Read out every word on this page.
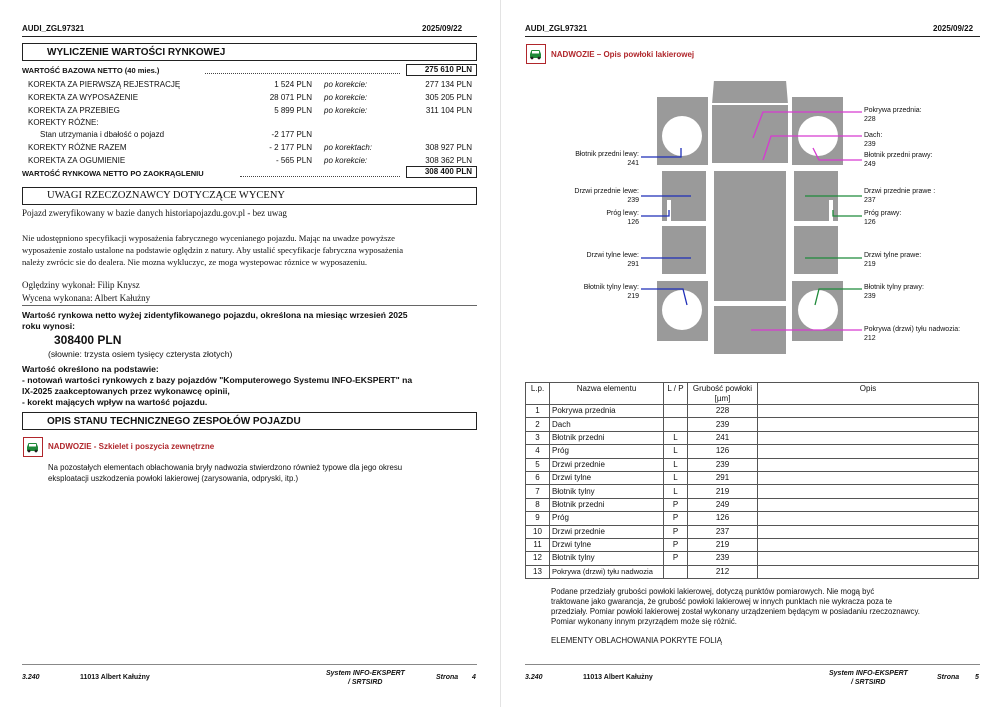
AUDI_ZGL97321	2025/09/22
WYLICZENIE WARTOŚCI RYNKOWEJ
WARTOŚĆ BAZOWA NETTO (40 mies.)	275 610 PLN
KOREKTA ZA PIERWSZĄ REJESTRACJĘ	1 524 PLN po korekcie:	277 134 PLN
KOREKTA ZA WYPOSAŻENIE	28 071 PLN po korekcie:	305 205 PLN
KOREKTA ZA PRZEBIEG	5 899 PLN po korekcie:	311 104 PLN
KOREKTY RÓŻNE:
Stan utrzymania i dbałość o pojazd	-2 177 PLN
KOREKTY RÓŻNE RAZEM	- 2 177 PLN po korektach:	308 927 PLN
KOREKTA ZA OGUMIENIE	- 565 PLN po korekcie:	308 362 PLN
WARTOŚĆ RYNKOWA NETTO PO ZAOKRĄGLENIU	308 400 PLN
UWAGI RZECZOZNAWCY DOTYCZĄCE WYCENY
Pojazd zweryfikowany w bazie danych historiapojazdu.gov.pl - bez uwag
Nie udostępniono specyfikacji wyposażenia fabrycznego wycenianego pojazdu. Mając na uwadze powyższe
wyposażenie zostało ustalone na podstawie oględzin z natury. Aby ustalić specyfikacje fabryczna wyposażenia
należy zwrócic sie do dealera. Nie mozna wykluczyc, ze moga wystepowac róznice w wyposazeniu.
Oględziny wykonał: Filip Knysz
Wycena wykonana: Albert Kałużny
Wartość rynkowa netto wyżej zidentyfikowanego pojazdu, określona na miesiąc wrzesień 2025
roku wynosi:
308400 PLN
(słownie: trzysta osiem tysięcy czterysta złotych)
Wartość określono na podstawie:
- notowań wartości rynkowych z bazy pojazdów "Komputerowego Systemu INFO-EKSPERT" na
IX-2025 zaakceptowanych przez wykonawcę opinii,
- korekt mających wpływ na wartość pojazdu.
OPIS STANU TECHNICZNEGO ZESPOŁÓW POJAZDU
NADWOZIE - Szkielet i poszycia zewnętrzne
Na pozostałych elementach obłachowania bryły nadwozia stwierdzono również typowe dla jego okresu
eksploatacji uszkodzenia powłoki lakierowej (zarysowania, odpryski, itp.)
3.240	11013 Albert Kałużny
System INFO-EKSPERT
/ SRTSIRD
Strona 4
AUDI_ZGL97321	2025/09/22
NADWOZIE – Opis powłoki lakierowej
Błotnik przedni lewy:
241
Drzwi przednie lewe:
239
Próg lewy:
126
Drzwi tylne lewe:
291
Błotnik tylny lewy:
219
Pokrywa przednia:
228
Dach:
239
Błotnik przedni prawy:
249
Drzwi przednie prawe :
237
Próg prawy:
126
Drzwi tylne prawe:
219
Błotnik tylny prawy:
239
Pokrywa (drzwi) tyłu nadwozia:
212
L.p.	Nazwa elementu	L / P	Grubość powłoki [µm]	Opis
1	Pokrywa przednia		228	
2	Dach		239	
3	Błotnik przedni	L	241	
4	Próg	L	126	
5	Drzwi przednie	L	239	
6	Drzwi tylne	L	291	
7	Błotnik tylny	L	219	
8	Błotnik przedni	P	249	
9	Próg	P	126	
10	Drzwi przednie	P	237	
11	Drzwi tylne	P	219	
12	Błotnik tylny	P	239	
13	Pokrywa (drzwi) tyłu nadwozia		212	
Podane przedziały grubości powłoki lakierowej, dotyczą punktów pomiarowych. Nie mogą być
traktowane jako gwarancja, że grubość powłoki lakierowej w innych punktach nie wykracza poza te
przedziały. Pomiar powłoki lakierowej został wykonany urządzeniem będącym w posiadaniu rzeczoznawcy.
Pomiar wykonany innym przyrządem może się różnić.
ELEMENTY OBLACHOWANIA POKRYTE FOLIĄ
3.240	11013 Albert Kałużny
System INFO-EKSPERT
/ SRTSIRD
Strona 5
